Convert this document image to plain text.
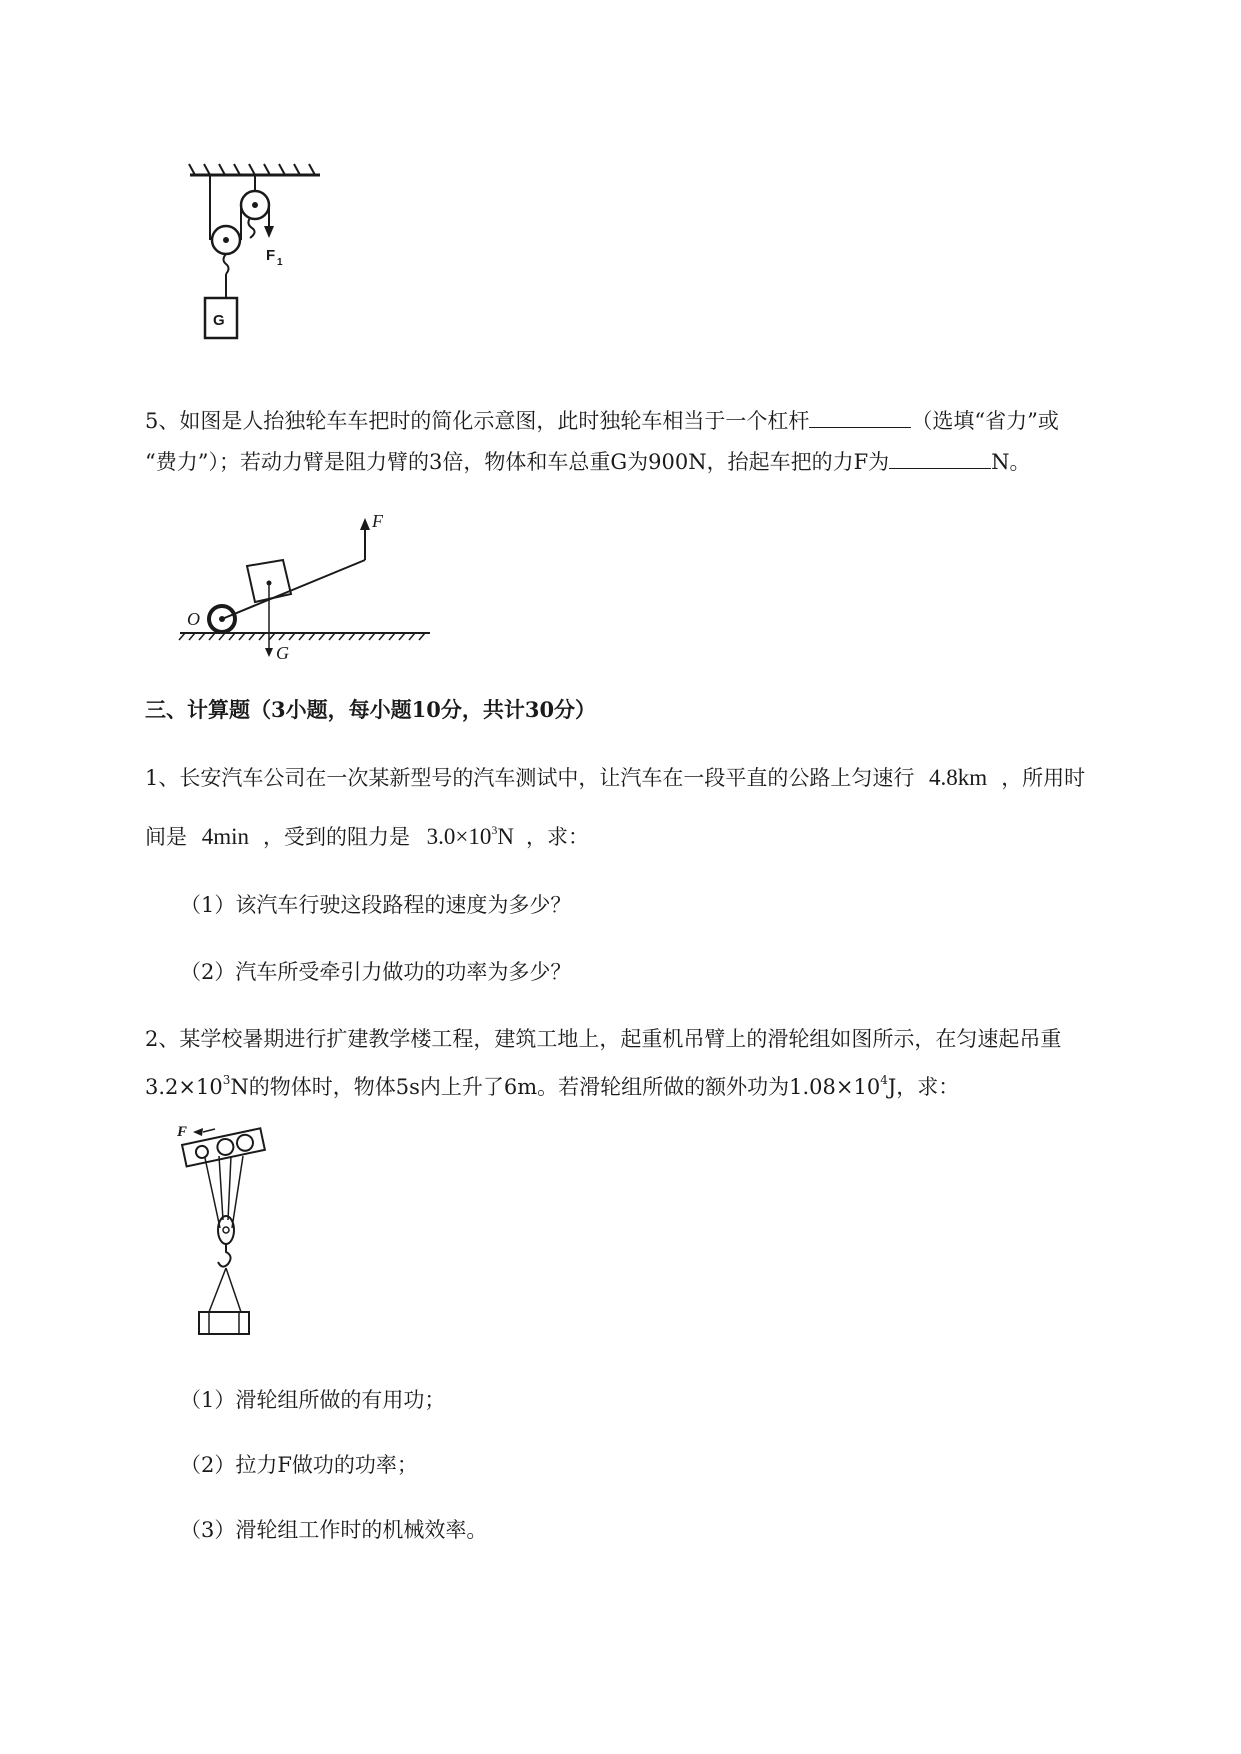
G
F 1
5、如图是人抬独轮车车把时的简化示意图，此时独轮车相当于一个杠杆	（选填“省力”或
“费力”）；若动力臂是阻力臂的3倍，物体和车总重G为900N，抬起车把的力F为	N。
O
F
G
三、计算题（3小题，每小题10分，共计30分）
1、长安汽车公司在一次某新型号的汽车测试中，让汽车在一段平直的公路上匀速行 4.8km ，所用时
间是 4min ，受到的阻力是 $3.0\times 10^3N$ ，求：
（1）该汽车行驶这段路程的速度为多少？
（2）汽车所受牵引力做功的功率为多少？
2、某学校暑期进行扩建教学楼工程，建筑工地上，起重机吊臂上的滑轮组如图所示，在匀速起吊重
$3.2\times 10^3N$的物体时，物体5s内上升了6m。若滑轮组所做的额外功为$1.08\times 10^4J$，求：
F
（1）滑轮组所做的有用功；
（2）拉力F做功的功率；
（3）滑轮组工作时的机械效率。
